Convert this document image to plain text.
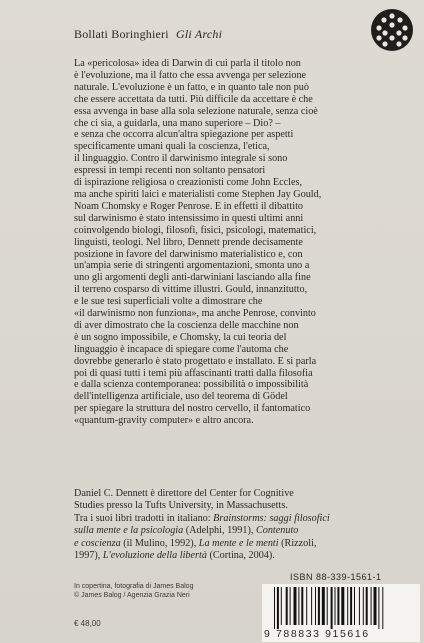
Bollati Boringhieri Gli Archi
La «pericolosa» idea di Darwin di cui parla il titolo non
è l'evoluzione, ma il fatto che essa avvenga per selezione
naturale. L'evoluzione è un fatto, e in quanto tale non può
che essere accettata da tutti. Più difficile da accettare è che
essa avvenga in base alla sola selezione naturale, senza cioè
che ci sia, a guidarla, una mano superiore – Dio? –
e senza che occorra alcun'altra spiegazione per aspetti
specificamente umani quali la coscienza, l'etica,
il linguaggio. Contro il darwinismo integrale si sono
espressi in tempi recenti non soltanto pensatori
di ispirazione religiosa o creazionisti come John Eccles,
ma anche spiriti laici e materialisti come Stephen Jay Gould,
Noam Chomsky e Roger Penrose. E in effetti il dibattito
sul darwinismo è stato intensissimo in questi ultimi anni
coinvolgendo biologi, filosofi, fisici, psicologi, matematici,
linguisti, teologi. Nel libro, Dennett prende decisamente
posizione in favore del darwinismo materialistico e, con
un'ampia serie di stringenti argomentazioni, smonta uno a
uno gli argomenti degli anti-darwiniani lasciando alla fine
il terreno cosparso di vittime illustri. Gould, innanzitutto,
e le sue tesi superficiali volte a dimostrare che
«il darwinismo non funziona», ma anche Penrose, convinto
di aver dimostrato che la coscienza delle macchine non
è un sogno impossibile, e Chomsky, la cui teoria del
linguaggio è incapace di spiegare come l'automa che
dovrebbe generarlo è stato progettato e installato. E si parla
poi di quasi tutti i temi più affascinanti tratti dalla filosofia
e dalla scienza contemporanea: possibilità o impossibilità
dell'intelligenza artificiale, uso del teorema di Gödel
per spiegare la struttura del nostro cervello, il fantomatico
«quantum-gravity computer» e altro ancora.
Daniel C. Dennett è direttore del Center for Cognitive
Studies presso la Tufts University, in Massachusetts.
Tra i suoi libri tradotti in italiano: Brainstorms: saggi filosofici
sulla mente e la psicologia (Adelphi, 1991), Contenuto
e coscienza (il Mulino, 1992), La mente e le menti (Rizzoli,
1997), L'evoluzione della libertà (Cortina, 2004).
In copertina, fotografia di James Balog
© James Balog / Agenzia Grazia Neri
€ 48,00
ISBN 88-339-1561-1
9 788833 915616
